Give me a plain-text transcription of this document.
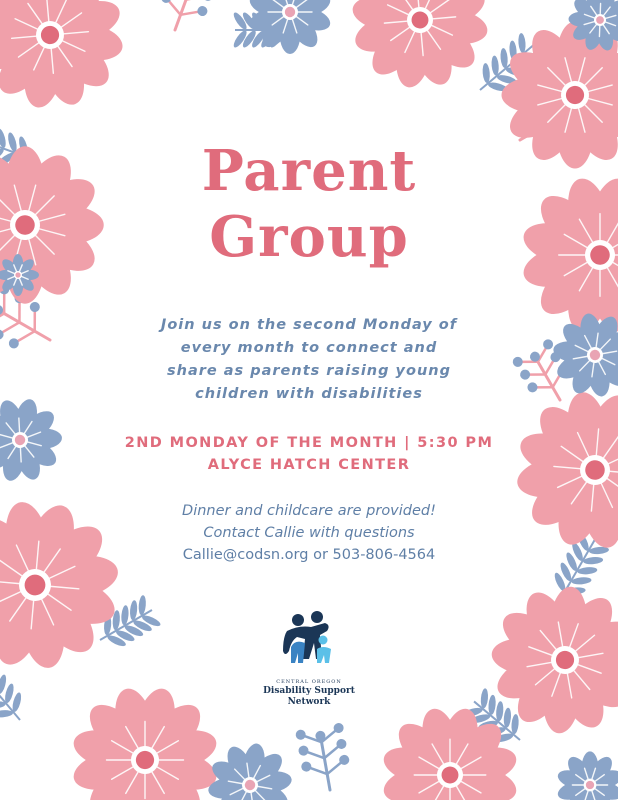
Parent
Group
Join us on the second Monday of
every month to connect and
share as parents raising young
children with disabilities
2ND MONDAY OF THE MONTH | 5:30 PM
ALYCE HATCH CENTER
Dinner and childcare are provided!
Contact Callie with questions
Callie@codsn.org or 503-806-4564
CENTRAL OREGON
Disability Support
Network
